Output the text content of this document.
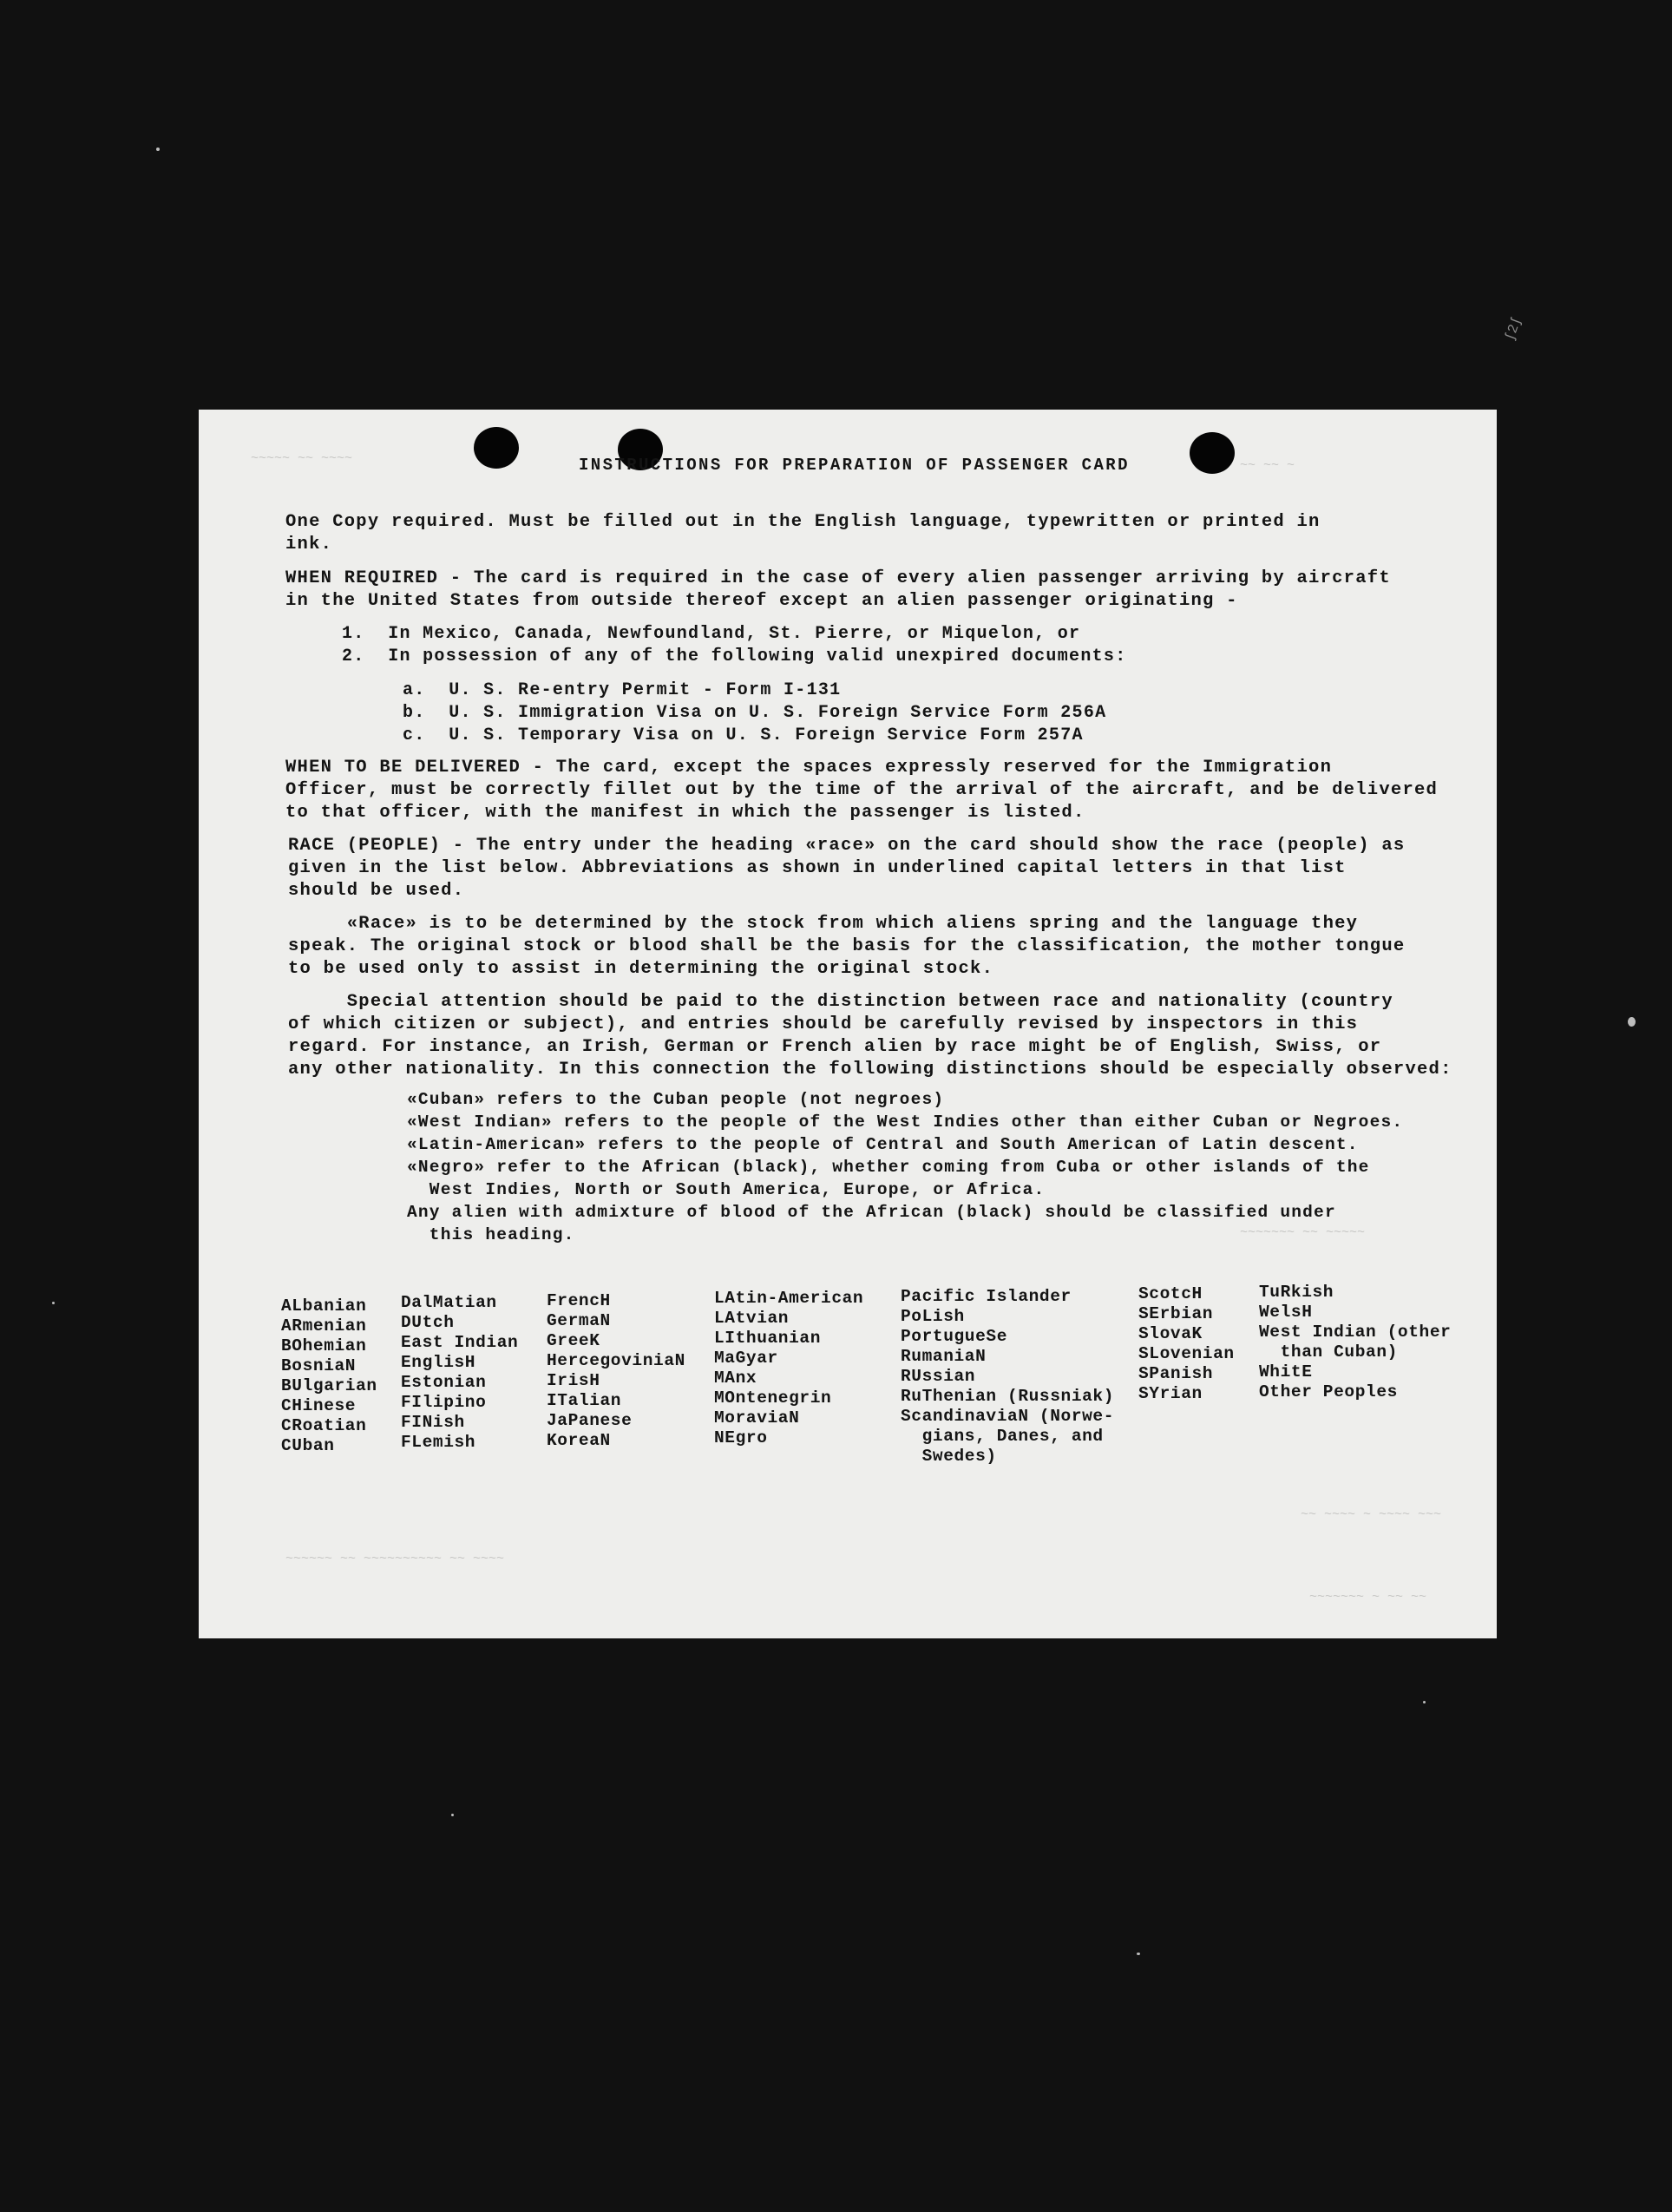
ʃ2ʃ
~~~~~ ~~ ~~~~	~~ ~~ ~
~~~~~~~ ~~ ~~~~~
~~ ~~~~ ~ ~~~~ ~~~
~~~~~~~ ~ ~~ ~~
~~~~~~ ~~ ~~~~~~~~~~ ~~ ~~~~
INSTRUCTIONS FOR PREPARATION OF PASSENGER CARD
One Copy required. Must be filled out in the English language, typewritten or printed in
ink.
WHEN REQUIRED - The card is required in the case of every alien passenger arriving by aircraft
in the United States from outside thereof except an alien passenger originating -
1.  In Mexico, Canada, Newfoundland, St. Pierre, or Miquelon, or
2.  In possession of any of the following valid unexpired documents:
a.  U. S. Re-entry Permit - Form I-131
b.  U. S. Immigration Visa on U. S. Foreign Service Form 256A
c.  U. S. Temporary Visa on U. S. Foreign Service Form 257A
WHEN TO BE DELIVERED - The card, except the spaces expressly reserved for the Immigration
Officer, must be correctly fillet out by the time of the arrival of the aircraft, and be delivered
to that officer, with the manifest in which the passenger is listed.
RACE (PEOPLE) - The entry under the heading «race» on the card should show the race (people) as
given in the list below. Abbreviations as shown in underlined capital letters in that list
should be used.
«Race» is to be determined by the stock from which aliens spring and the language they
speak. The original stock or blood shall be the basis for the classification, the mother tongue
to be used only to assist in determining the original stock.
Special attention should be paid to the distinction between race and nationality (country
of which citizen or subject), and entries should be carefully revised by inspectors in this
regard. For instance, an Irish, German or French alien by race might be of English, Swiss, or
any other nationality. In this connection the following distinctions should be especially observed:
«Cuban» refers to the Cuban people (not negroes)
«West Indian» refers to the people of the West Indies other than either Cuban or Negroes.
«Latin-American» refers to the people of Central and South American of Latin descent.
«Negro» refer to the African (black), whether coming from Cuba or other islands of the
West Indies, North or South America, Europe, or Africa.
Any alien with admixture of blood of the African (black) should be classified under
this heading.
ALbanian
ARmenian
BOhemian
BosniaN
BUlgarian
CHinese
CRoatian
CUban
DalMatian
DUtch
East Indian
EnglisH
Estonian
FIlipino
FINish
FLemish
FrencH
GermaN
GreeK
HercegoviniaN
IrisH
ITalian
JaPanese
KoreaN
LAtin-American
LAtvian
LIthuanian
MaGyar
MAnx
MOntenegrin
MoraviaN
NEgro
Pacific Islander
PoLish
PortugueSe
RumaniaN
RUssian
RuThenian (Russniak)
ScandinaviaN (Norwe-
gians, Danes, and
Swedes)
ScotcH
SErbian
SlovaK
SLovenian
SPanish
SYrian
TuRkish
WelsH
West Indian (other
than Cuban)
WhitE
Other Peoples
